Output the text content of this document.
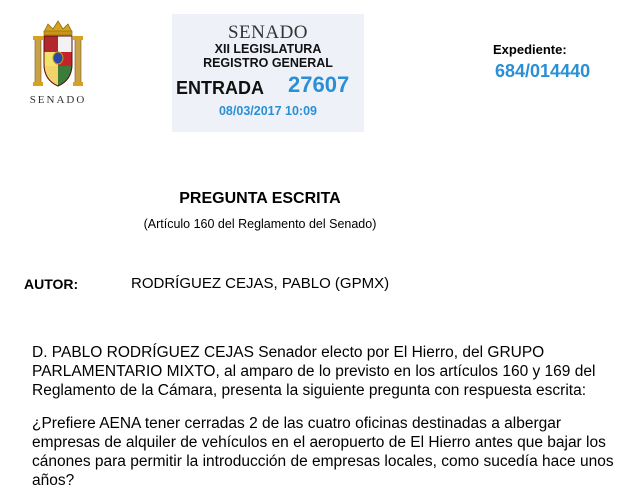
SENADO
SENADO
XII LEGISLATURA
REGISTRO GENERAL
ENTRADA 27607
08/03/2017 10:09
Expediente:
684/014440
PREGUNTA ESCRITA
(Artículo 160 del Reglamento del Senado)
AUTOR:	RODRÍGUEZ CEJAS, PABLO (GPMX)
D. PABLO RODRÍGUEZ CEJAS Senador electo por El Hierro, del GRUPO
PARLAMENTARIO MIXTO, al amparo de lo previsto en los artículos 160 y 169 del
Reglamento de la Cámara, presenta la siguiente pregunta con respuesta escrita:
¿Prefiere AENA tener cerradas 2 de las cuatro oficinas destinadas a albergar
empresas de alquiler de vehículos en el aeropuerto de El Hierro antes que bajar los
cánones para permitir la introducción de empresas locales, como sucedía hace unos
años?
